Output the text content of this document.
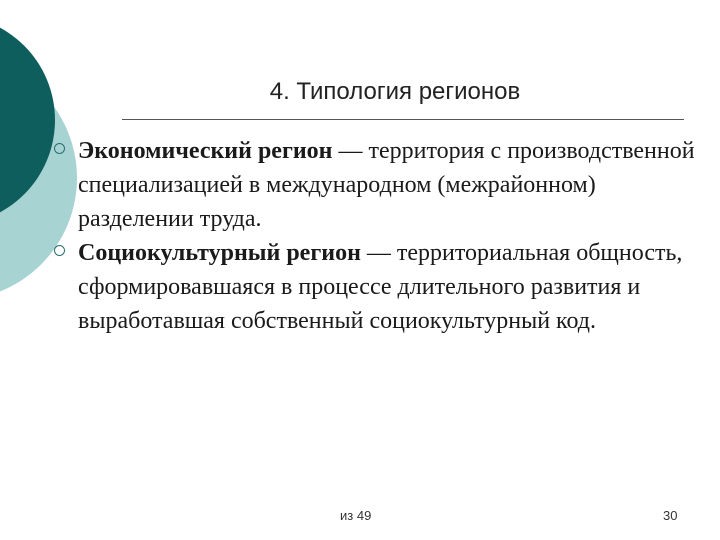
4. Типология регионов
Экономический регион — территория с производственной специализацией в международном (межрайонном) разделении труда.
Социокультурный регион — территориальная общность, сформировавшаяся в процессе длительного развития и выработавшая собственный социокультурный код.
из 49	30
